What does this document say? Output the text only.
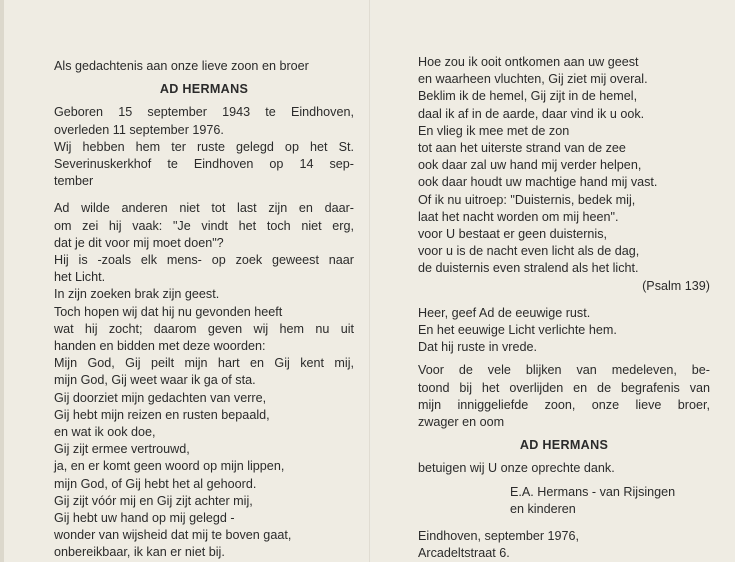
Als gedachtenis aan onze lieve zoon en broer

AD HERMANS

Geboren 15 september 1943 te Eindhoven,

overleden 11 september 1976.

Wij hebben hem ter ruste gelegd op het St.

Severinuskerkhof te Eindhoven op 14 sep-

tember

Ad wilde anderen niet tot last zijn en daar-

om zei hij vaak: "Je vindt het toch niet erg,

dat je dit voor mij moet doen"?

Hij is -zoals elk mens- op zoek geweest naar

het Licht.

In zijn zoeken brak zijn geest.

Toch hopen wij dat hij nu gevonden heeft

wat hij zocht; daarom geven wij hem nu uit

handen en bidden met deze woorden:

Mijn God, Gij peilt mijn hart en Gij kent mij,

mijn God, Gij weet waar ik ga of sta.

Gij doorziet mijn gedachten van verre,

Gij hebt mijn reizen en rusten bepaald,

en wat ik ook doe,

Gij zijt ermee vertrouwd,

ja, en er komt geen woord op mijn lippen,

mijn God, of Gij hebt het al gehoord.

Gij zijt vóór mij en Gij zijt achter mij,

Gij hebt uw hand op mij gelegd -

wonder van wijsheid dat mij te boven gaat,

onbereikbaar, ik kan er niet bij.

Hoe zou ik ooit ontkomen aan uw geest

en waarheen vluchten, Gij ziet mij overal.

Beklim ik de hemel, Gij zijt in de hemel,

daal ik af in de aarde, daar vind ik u ook.

En vlieg ik mee met de zon

tot aan het uiterste strand van de zee

ook daar zal uw hand mij verder helpen,

ook daar houdt uw machtige hand mij vast.

Of ik nu uitroep: "Duisternis, bedek mij,

laat het nacht worden om mij heen".

voor U bestaat er geen duisternis,

voor u is de nacht even licht als de dag,

de duisternis even stralend als het licht.

(Psalm 139)

Heer, geef Ad de eeuwige rust.

En het eeuwige Licht verlichte hem.

Dat hij ruste in vrede.

Voor de vele blijken van medeleven, be-

toond bij het overlijden en de begrafenis van

mijn inniggeliefde zoon, onze lieve broer,

zwager en oom

AD HERMANS

betuigen wij U onze oprechte dank.

E.A. Hermans - van Rijsingen

en kinderen

Eindhoven, september 1976,

Arcadeltstraat 6.
